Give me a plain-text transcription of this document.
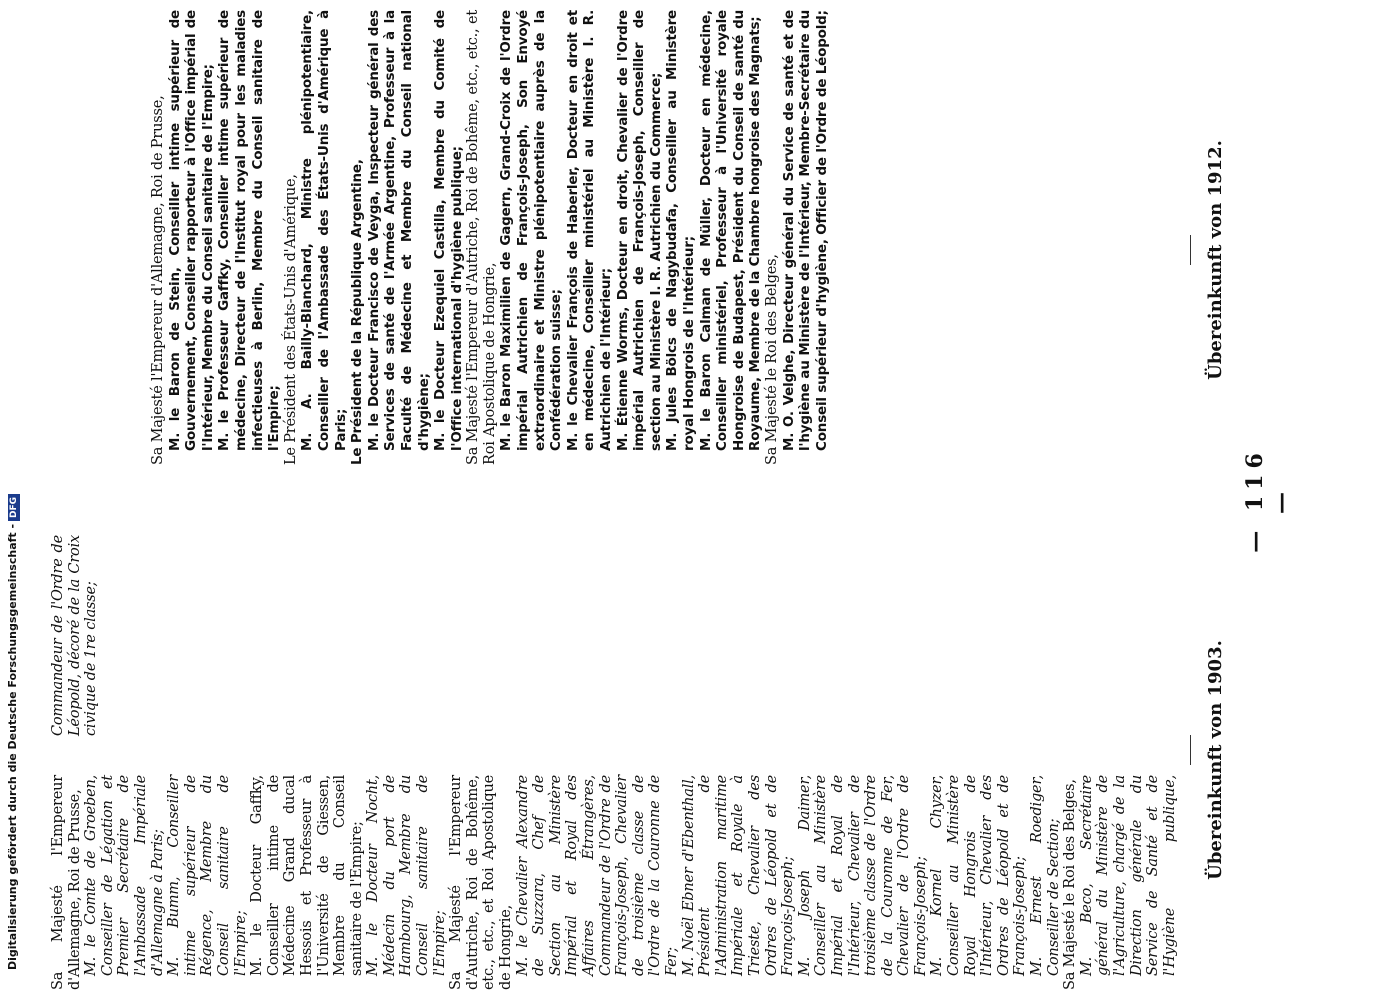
— 116 —
Übereinkunft von 1903.
Übereinkunft von 1912.

Sa Majesté l'Empereur d'Allemagne, Roi de Prusse, M. le Comte de Groeben, Conseiller de Légation et Premier Secrétaire de l'Ambassade Impériale d'Allemagne à Paris; M. Bumm, Conseiller intime supérieur de Régence, Membre du Conseil sanitaire de l'Empire; M. le Docteur Gaffky, Conseiller intime de Médecine Grand ducal Hessois et Professeur à l'Université de Giessen, Membre du Conseil sanitaire de l'Empire; M. le Docteur Nocht, Médecin du port de Hambourg, Membre du Conseil sanitaire de l'Empire; Sa Majesté l'Empereur d'Autriche, Roi de Bohême, etc., etc., et Roi Apostolique de Hongrie, M. le Chevalier Alexandre de Suzzara, Chef de Section au Ministère Impérial et Royal des Affaires Étrangères, Commandeur de l'Ordre de François-Joseph, Chevalier de troisième classe de l'Ordre de la Couronne de Fer; M. Noël Ebner d'Ebenthall, Président de l'Administration maritime Impériale et Royale à Trieste, Chevalier des Ordres de Léopold et de François-Joseph; M. Joseph Daimer, Conseiller au Ministère Impérial et Royal de l'Intérieur, Chevalier de troisième classe de l'Ordre de la Couronne de Fer, Chevalier de l'Ordre de François-Joseph; M. Kornel Chyzer, Conseiller au Ministère Royal Hongrois de l'Intérieur, Chevalier des Ordres de Léopold et de François-Joseph; M. Ernest Roediger, Conseiller de Section; Sa Majesté le Roi des Belges, M. Beco, Secrétaire général du Ministère de l'Agriculture, chargé de la Direction générale du Service de Santé et de l'Hygiène publique, Commandeur de l'Ordre de Léopold, décoré de la Croix civique de 1re classe;

Sa Majesté l'Empereur d'Allemagne, Roi de Prusse, M. le Baron de Stein, Conseiller intime supérieur de Gouvernement, Conseiller rapporteur à l'Office impérial de l'Intérieur, Membre du Conseil sanitaire de l'Empire; M. le Professeur Gaffky, Conseiller intime supérieur de médecine, Directeur de l'Institut royal pour les maladies infectieuses à Berlin, Membre du Conseil sanitaire de l'Empire; Le Président des États-Unis d'Amérique, M. A. Bailly-Blanchard, Ministre plénipotentiaire, Conseiller de l'Ambassade des États-Unis d'Amérique à Paris; Le Président de la République Argentine, M. le Docteur Francisco de Veyga, Inspecteur général des Services de santé de l'Armée Argentine, Professeur à la Faculté de Médecine et Membre du Conseil national d'hygiène; M. le Docteur Ezequiel Castilla, Membre du Comité de l'Office international d'hygiène publique; Sa Majesté l'Empereur d'Autriche, Roi de Bohême, etc., etc., et Roi Apostolique de Hongrie, M. le Baron Maximilien de Gagern, Grand-Croix de l'Ordre impérial Autrichien de François-Joseph, Son Envoyé extraordinaire et Ministre plénipotentiaire auprès de la Confédération suisse; M. le Chevalier François de Haberler, Docteur en droit et en médecine, Conseiller ministériel au Ministère I. R. Autrichien de l'Intérieur; M. Étienne Worms, Docteur en droit, Chevalier de l'Ordre impérial Autrichien de François-Joseph, Conseiller de section au Ministère I. R. Autrichien du Commerce; M. Jules Bölcs de Nagybudafa, Conseiller au Ministère royal Hongrois de l'Intérieur; M. le Baron Calman de Müller, Docteur en médecine, Conseiller ministériel, Professeur à l'Université royale Hongroise de Budapest, Président du Conseil de santé du Royaume, Membre de la Chambre hongroise des Magnats; Sa Majesté le Roi des Belges, M. O. Velghe, Directeur général du Service de santé et de l'hygiène au Ministère de l'Intérieur, Membre-Secrétaire du Conseil supérieur d'hygiène, Officier de l'Ordre de Léopold;

Digitalisierung gefördert durch die Deutsche Forschungsgemeinschaft -DFG
